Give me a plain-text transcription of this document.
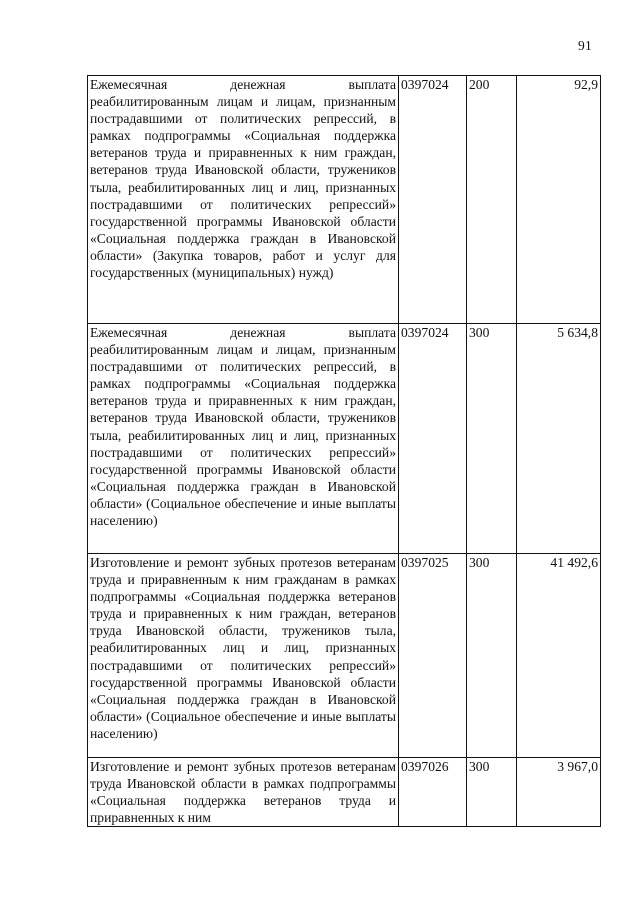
91
Ежемесячная денежная выплата реабилитированным лицам и лицам, признанным пострадавшими от политических репрессий, в рамках подпрограммы «Социальная поддержка ветеранов труда и приравненных к ним граждан, ветеранов труда Ивановской области, тружеников тыла, реабилитированных лиц и лиц, признанных пострадавшими от политических репрессий» государственной программы Ивановской области «Социальная поддержка граждан в Ивановской области» (Закупка товаров, работ и услуг для государственных (муниципальных) нужд)	0397024	200	92,9
Ежемесячная денежная выплата реабилитированным лицам и лицам, признанным пострадавшими от политических репрессий, в рамках подпрограммы «Социальная поддержка ветеранов труда и приравненных к ним граждан, ветеранов труда Ивановской области, тружеников тыла, реабилитированных лиц и лиц, признанных пострадавшими от политических репрессий» государственной программы Ивановской области «Социальная поддержка граждан в Ивановской области» (Социальное обеспечение и иные выплаты населению)	0397024	300	5 634,8
Изготовление и ремонт зубных протезов ветеранам труда и приравненным к ним гражданам в рамках подпрограммы «Социальная поддержка ветеранов труда и приравненных к ним граждан, ветеранов труда Ивановской области, тружеников тыла, реабилитированных лиц и лиц, признанных пострадавшими от политических репрессий» государственной программы Ивановской области «Социальная поддержка граждан в Ивановской области» (Социальное обеспечение и иные выплаты населению)	0397025	300	41 492,6
Изготовление и ремонт зубных протезов ветеранам труда Ивановской области в рамках подпрограммы «Социальная поддержка ветеранов труда и приравненных к ним	0397026	300	3 967,0
